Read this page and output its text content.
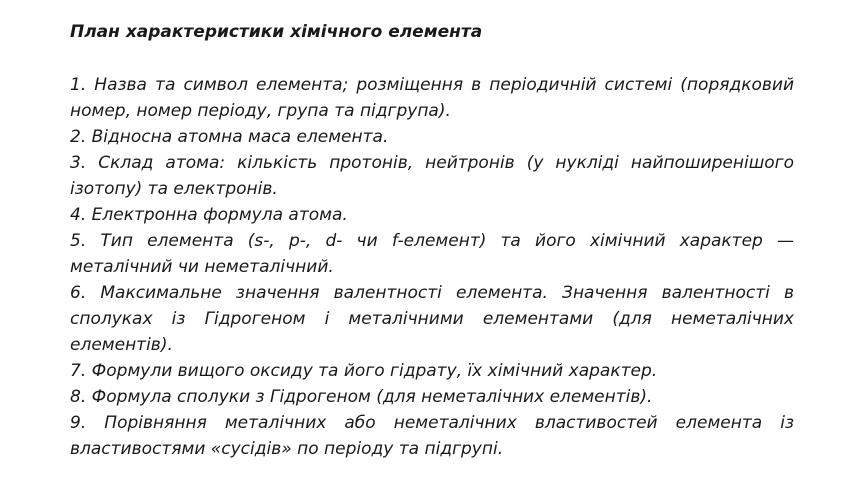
План характеристики хімічного елемента

1. Назва та символ елемента; розміщення в періодичній системі (порядковий номер, номер періоду, група та підгрупа).

2. Відносна атомна маса елемента.

3. Склад атома: кількість протонів, нейтронів (у нукліді найпоширенішого ізотопу) та електронів.

4. Електронна формула атома.

5. Тип елемента (s-, p-, d- чи f-елемент) та його хімічний характер — металічний чи неметалічний.

6. Максимальне значення валентності елемента. Значення валентності в сполуках із Гідрогеном і металічними елементами (для неметалічних елементів).

7. Формули вищого оксиду та його гідрату, їх хімічний характер.

8. Формула сполуки з Гідрогеном (для неметалічних елементів).

9. Порівняння металічних або неметалічних властивостей елемента із властивостями «сусідів» по періоду та підгрупі.
